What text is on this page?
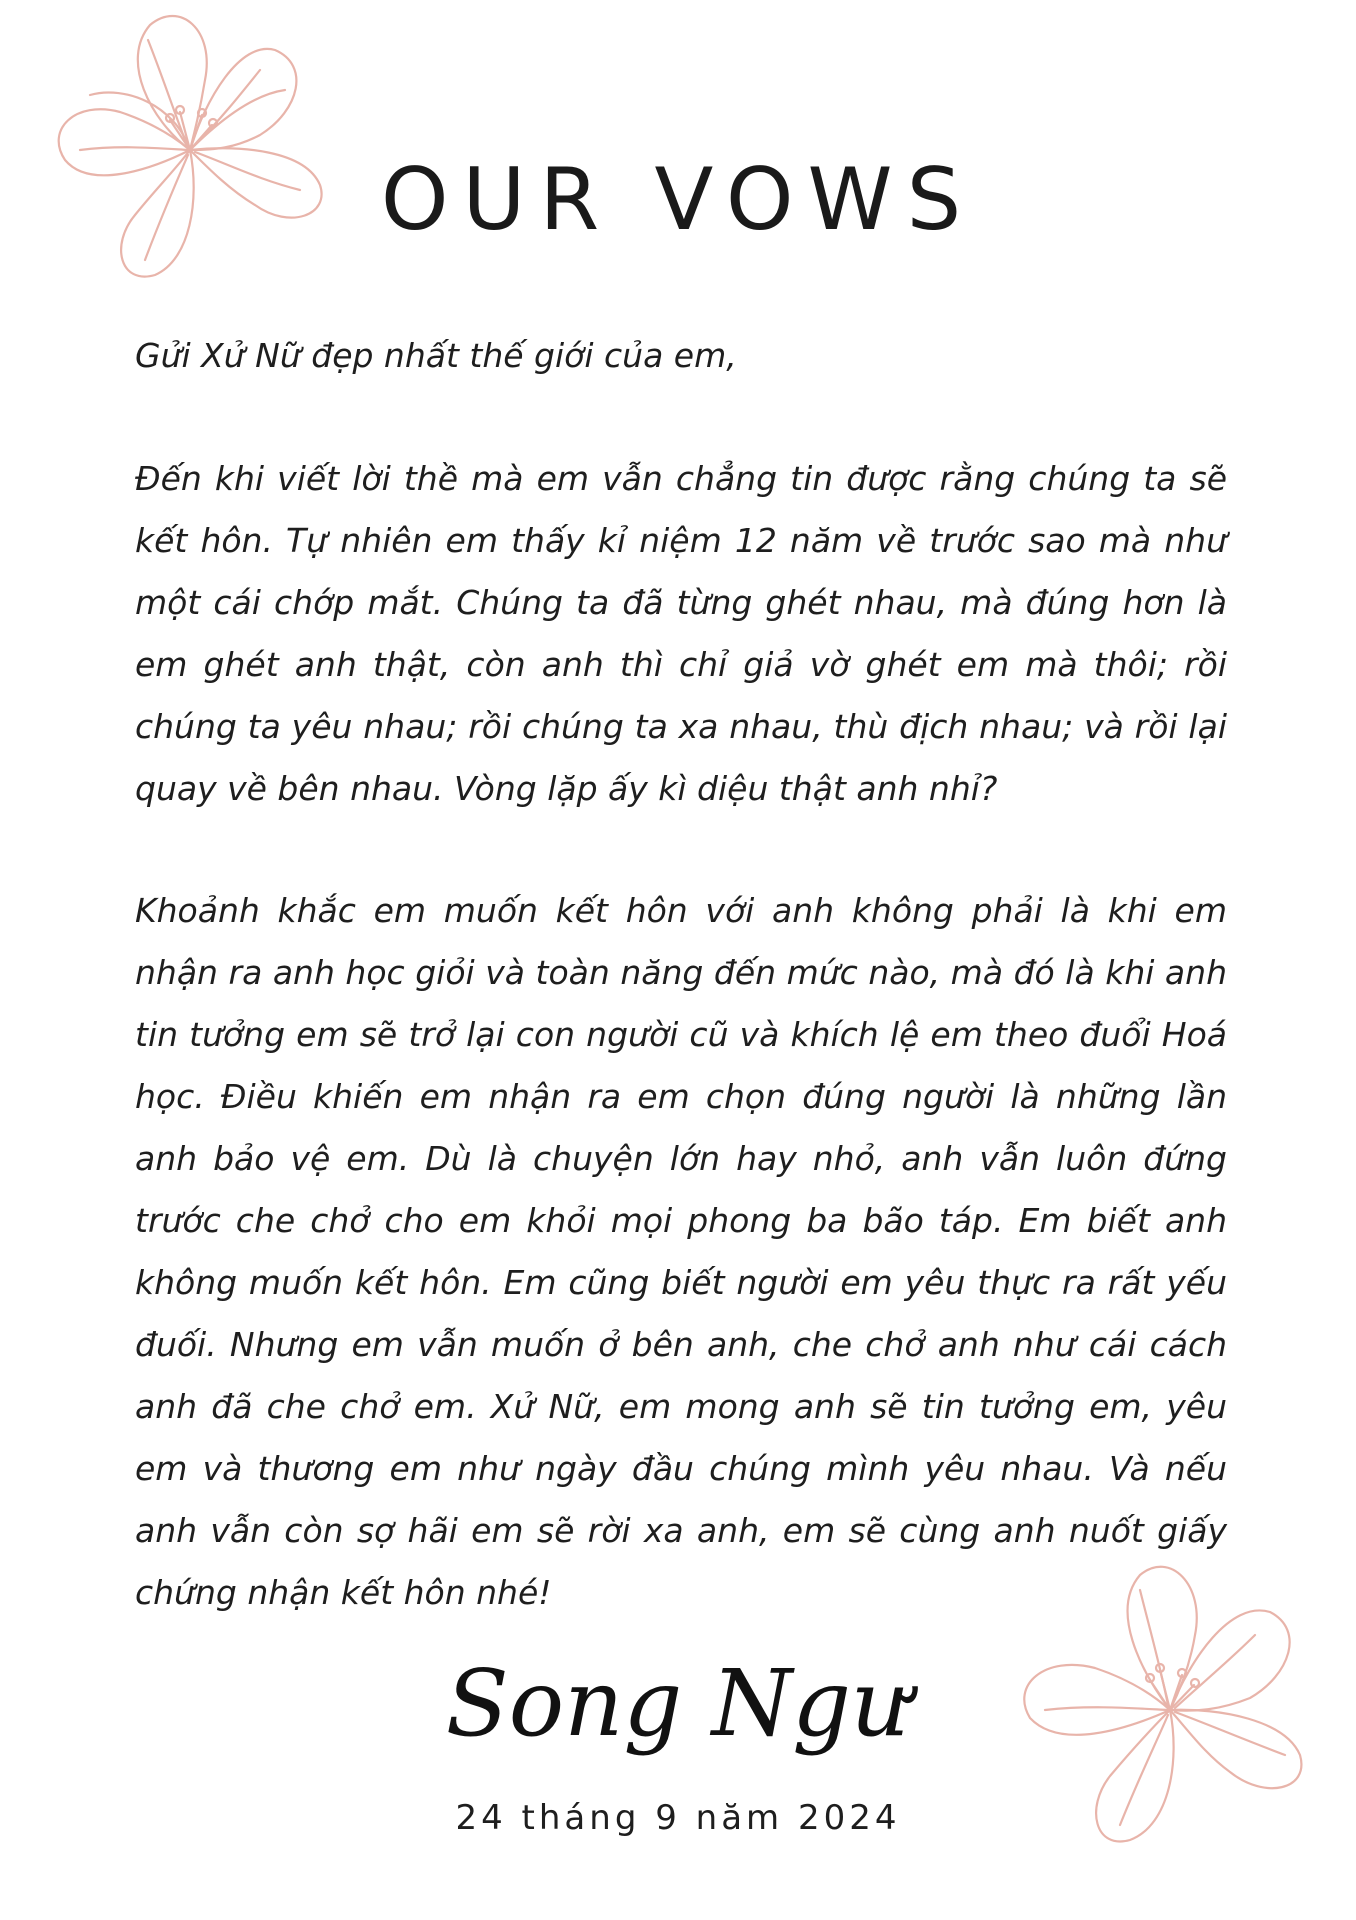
OUR VOWS
Gửi Xử Nữ đẹp nhất thế giới của em,

Đến khi viết lời thề mà em vẫn chẳng tin được rằng chúng ta sẽ kết hôn. Tự nhiên em thấy kỉ niệm 12 năm về trước sao mà như một cái chớp mắt. Chúng ta đã từng ghét nhau, mà đúng hơn là em ghét anh thật, còn anh thì chỉ giả vờ ghét em mà thôi; rồi chúng ta yêu nhau; rồi chúng ta xa nhau, thù địch nhau; và rồi lại quay về bên nhau. Vòng lặp ấy kì diệu thật anh nhỉ?

Khoảnh khắc em muốn kết hôn với anh không phải là khi em nhận ra anh học giỏi và toàn năng đến mức nào, mà đó là khi anh tin tưởng em sẽ trở lại con người cũ và khích lệ em theo đuổi Hoá học. Điều khiến em nhận ra em chọn đúng người là những lần anh bảo vệ em. Dù là chuyện lớn hay nhỏ, anh vẫn luôn đứng trước che chở cho em khỏi mọi phong ba bão táp. Em biết anh không muốn kết hôn. Em cũng biết người em yêu thực ra rất yếu đuối. Nhưng em vẫn muốn ở bên anh, che chở anh như cái cách anh đã che chở em. Xử Nữ, em mong anh sẽ tin tưởng em, yêu em và thương em như ngày đầu chúng mình yêu nhau. Và nếu anh vẫn còn sợ hãi em sẽ rời xa anh, em sẽ cùng anh nuốt giấy chứng nhận kết hôn nhé!

Song Ngư
24 tháng 9 năm 2024
